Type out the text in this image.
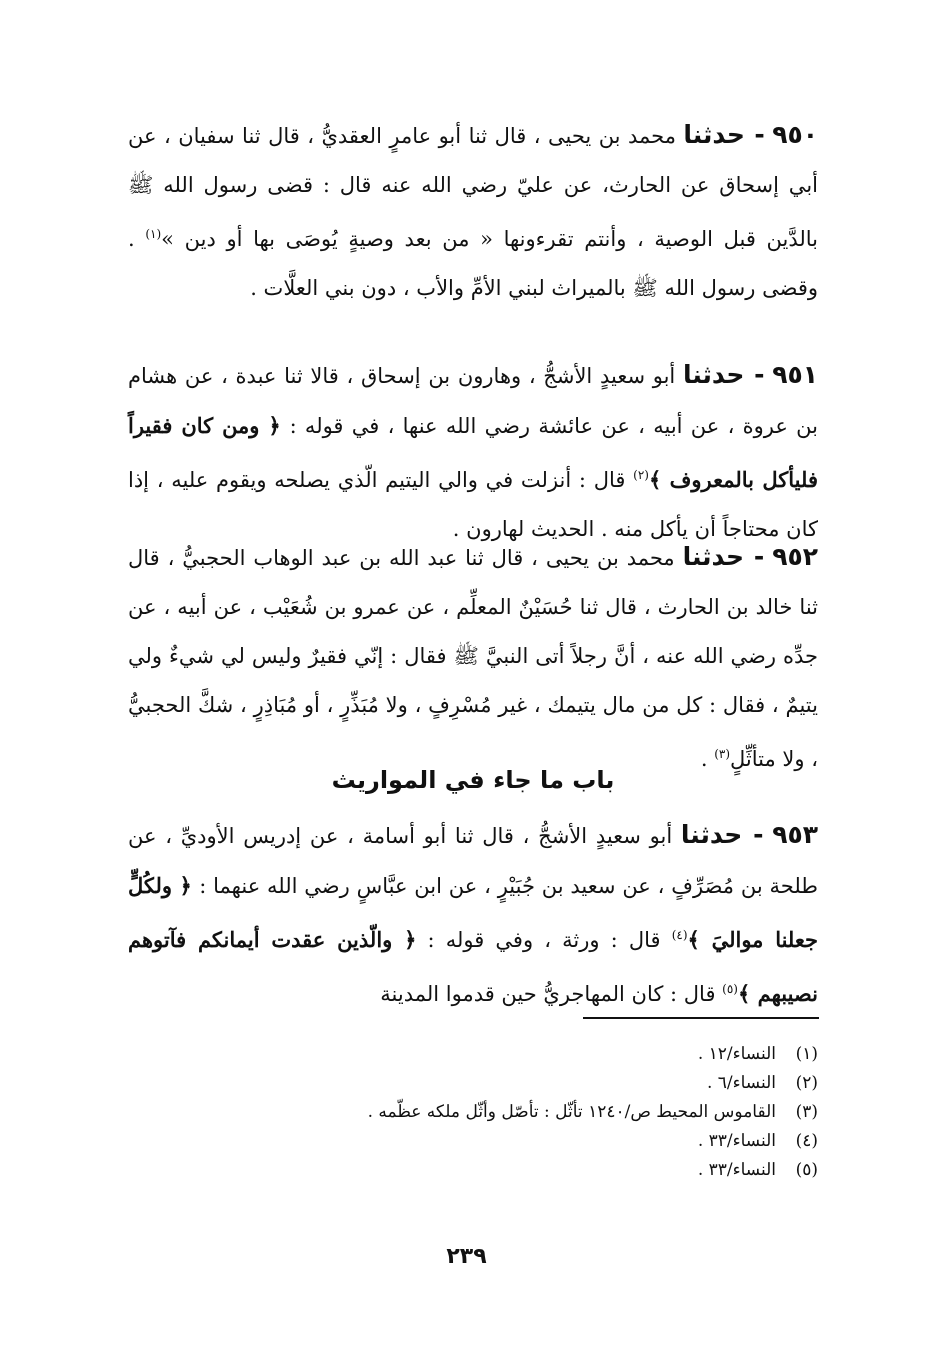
٩٥٠ - حدثنا محمد بن يحيى ، قال ثنا أبو عامرٍ العقديُّ ، قال ثنا سفيان ، عن أبي إسحاق عن الحارث، عن عليّ رضي الله عنه قال : قضى رسول الله ﷺ بالدَّين قبل الوصية ، وأنتم تقرءونها « من بعد وصيةٍ يُوصَى بها أو دين »$^{(١)}$ . وقضى رسول الله ﷺ بالميراث لبني الأمِّ والأب ، دون بني العلَّات .

٩٥١ - حدثنا أبو سعيدٍ الأشجُّ ، وهارون بن إسحاق ، قالا ثنا عبدة ، عن هشام بن عروة ، عن أبيه ، عن عائشة رضي الله عنها ، في قوله : ﴿ ومن كان فقيراً فليأكل بالمعروف ﴾$^{(٢)}$ قال : أنزلت في والي اليتيم الّذي يصلحه ويقوم عليه ، إذا كان محتاجاً أن يأكل منه . الحديث لهارون .

٩٥٢ - حدثنا محمد بن يحيى ، قال ثنا عبد الله بن عبد الوهاب الحجبيُّ ، قال ثنا خالد بن الحارث ، قال ثنا حُسَيْنٌ المعلِّم ، عن عمرو بن شُعَيْب ، عن أبيه ، عن جدِّه رضي الله عنه ، أنَّ رجلاً أتى النبيَّ ﷺ فقال : إنّي فقيرٌ وليس لي شيءٌ ولي يتيمٌ ، فقال : كل من مال يتيمك ، غير مُسْرِفٍ ، ولا مُبَذِّرٍ ، أو مُبَاذِرٍ ، شكَّ الحجبيُّ ، ولا متأثِّلٍ$^{(٣)}$ .

باب ما جاء في المواريث

٩٥٣ - حدثنا أبو سعيدٍ الأشجُّ ، قال ثنا أبو أسامة ، عن إدريس الأوديِّ ، عن طلحة بن مُصَرِّفٍ ، عن سعيد بن جُبَيْرٍ ، عن ابن عبَّاسٍ رضي الله عنهما : ﴿ ولكُلٍّ جعلنا مواليَ ﴾$^{(٤)}$ قال : ورثة ، وفي قوله : ﴿ والّذين عقدت أيمانكم فآتوهم نصيبهم ﴾$^{(٥)}$ قال : كان المهاجريُّ حين قدموا المدينة

(١)النساء/١٢ .
(٢)النساء/٦ .
(٣)القاموس المحيط ص/١٢٤٠ تأثّل : تأصّل وأثّل ملكه عظّمه .
(٤)النساء/٣٣ .
(٥)النساء/٣٣ .
٢٣٩
